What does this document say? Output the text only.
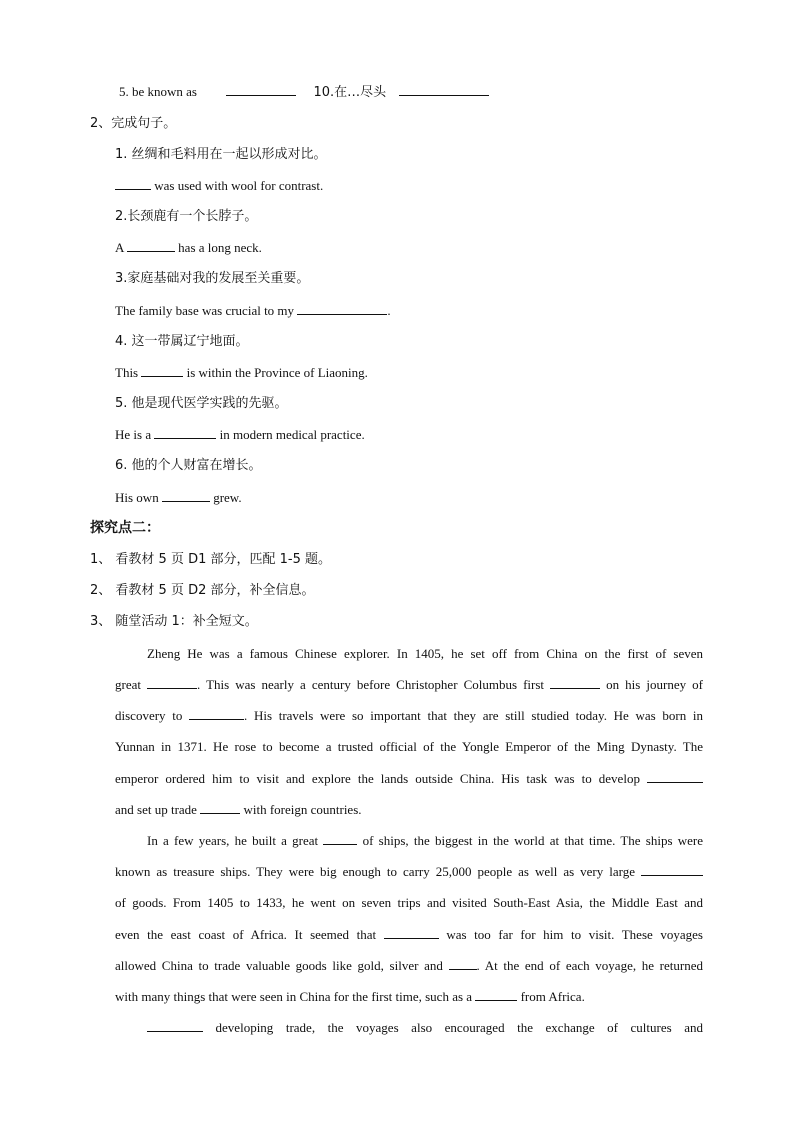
5. be known as	10.在…尽头
2、完成句子。
1. 丝绸和毛料用在一起以形成对比。
was used with wool for contrast.
2.长颈鹿有一个长脖子。
A	has a long neck.
3.家庭基础对我的发展至关重要。
The family base was crucial to my	.
4. 这一带属辽宁地面。
This	is within the Province of Liaoning.
5. 他是现代医学实践的先驱。
He is a	in modern medical practice.
6. 他的个人财富在增长。
His own	grew.
探究点二：
1、 看教材 5 页 D1 部分，匹配 1-5 题。
2、 看教材 5 页 D2 部分，补全信息。
3、 随堂活动 1：补全短文。
Zheng He was a famous Chinese explorer. In 1405, he set off from China on the first of seven
great	. This was nearly a century before Christopher Columbus first	on his journey of
discovery to	. His travels were so important that they are still studied today. He was born in
Yunnan in 1371. He rose to become a trusted official of the Yongle Emperor of the Ming Dynasty. The
emperor ordered him to visit and explore the lands outside China. His task was to develop
and set up trade	with foreign countries.
In a few years, he built a great	of ships, the biggest in the world at that time. The ships were
known as treasure ships. They were big enough to carry 25,000 people as well as very large
of goods. From 1405 to 1433, he went on seven trips and visited South-East Asia, the Middle East and
even the east coast of Africa. It seemed that	was too far for him to visit. These voyages
allowed China to trade valuable goods like gold, silver and . At the end of each voyage, he returned
with many things that were seen in China for the first time, such as a	from Africa.
developing trade, the voyages also encouraged the exchange of cultures and
